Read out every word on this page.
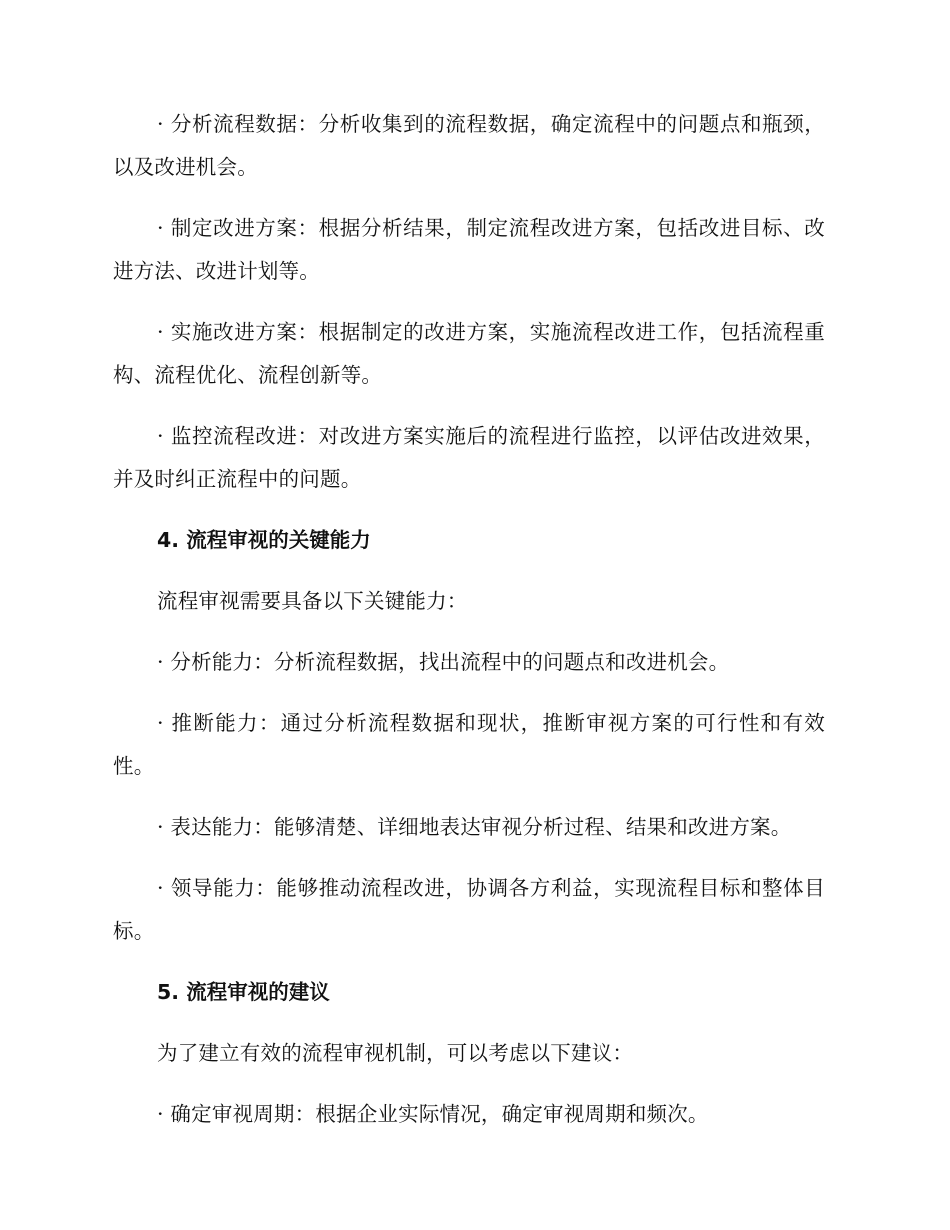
· 分析流程数据：分析收集到的流程数据，确定流程中的问题点和瓶颈，以及改进机会。

· 制定改进方案：根据分析结果，制定流程改进方案，包括改进目标、改进方法、改进计划等。

· 实施改进方案：根据制定的改进方案，实施流程改进工作，包括流程重构、流程优化、流程创新等。

· 监控流程改进：对改进方案实施后的流程进行监控，以评估改进效果，并及时纠正流程中的问题。

4. 流程审视的关键能力

流程审视需要具备以下关键能力：

· 分析能力：分析流程数据，找出流程中的问题点和改进机会。

· 推断能力：通过分析流程数据和现状，推断审视方案的可行性和有效性。

· 表达能力：能够清楚、详细地表达审视分析过程、结果和改进方案。

· 领导能力：能够推动流程改进，协调各方利益，实现流程目标和整体目标。

5. 流程审视的建议

为了建立有效的流程审视机制，可以考虑以下建议：

· 确定审视周期：根据企业实际情况，确定审视周期和频次。
